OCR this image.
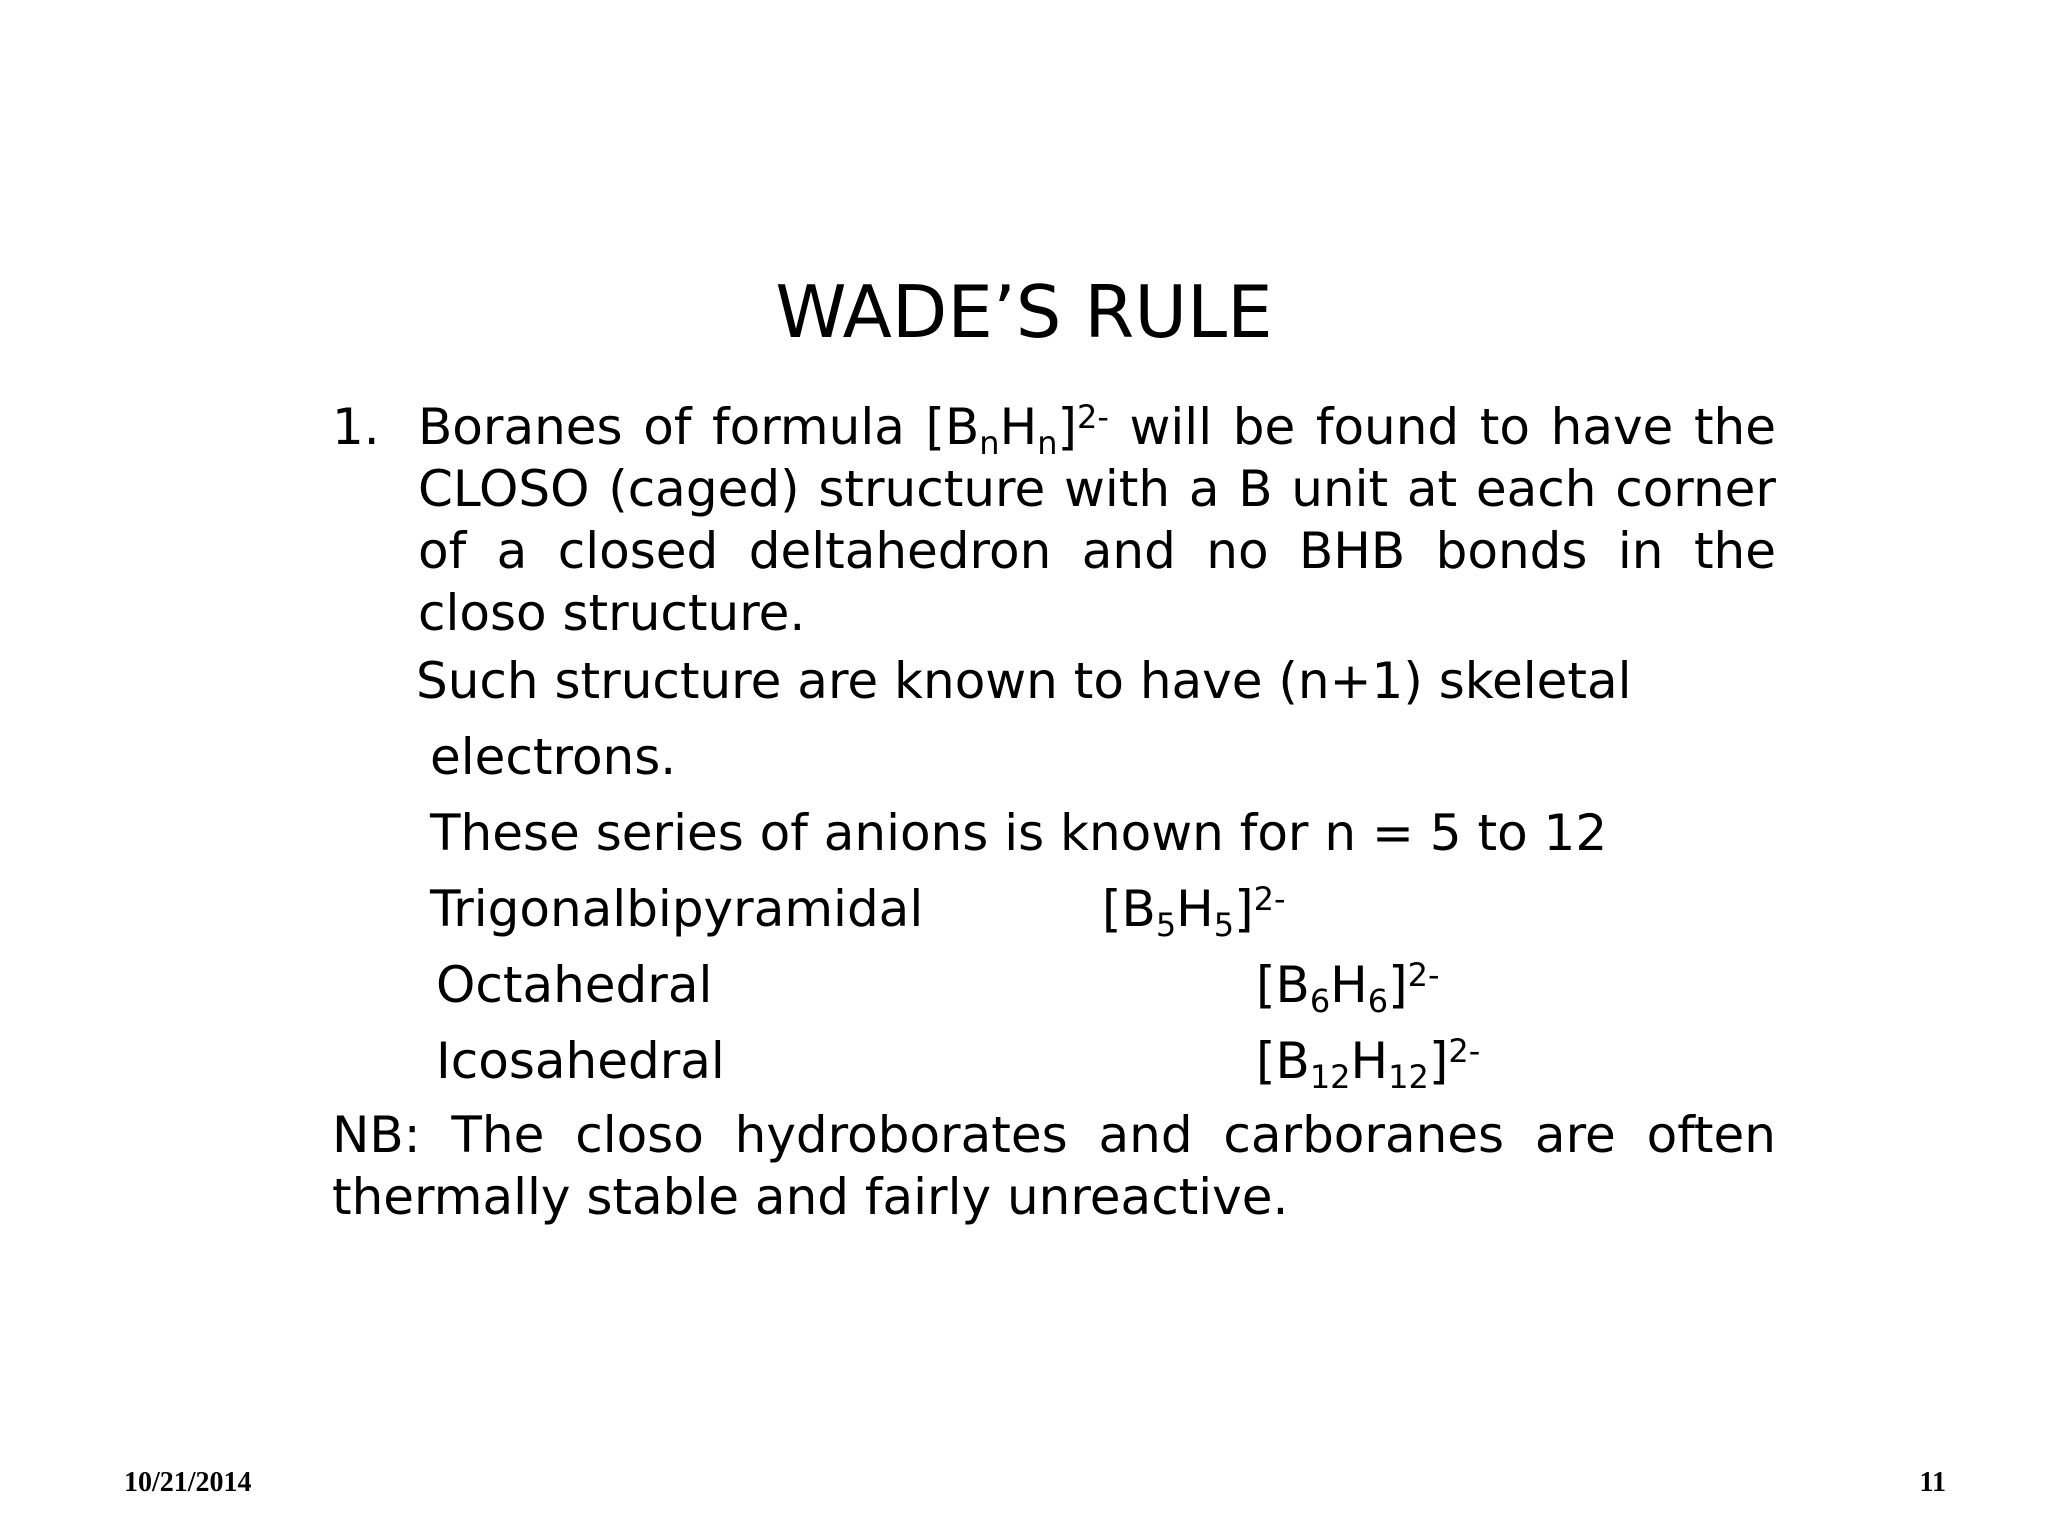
WADE’S RULE
1. Boranes of formula $[B_nH_n]^{2-}$ will be found to have the CLOSO (caged) structure with a B unit at each corner of a closed deltahedron and no BHB bonds in the closo structure.
Such structure are known to have (n+1) skeletal
electrons.
These series of anions is known for n = 5 to 12
Trigonalbipyramidal	$[B_5H_5]^{2-}$
Octahedral	$[B_6H_6]^{2-}$
Icosahedral	$[B_{12}H_{12}]^{2-}$
NB: The closo hydroborates and carboranes are often thermally stable and fairly unreactive.
10/21/2014	11
